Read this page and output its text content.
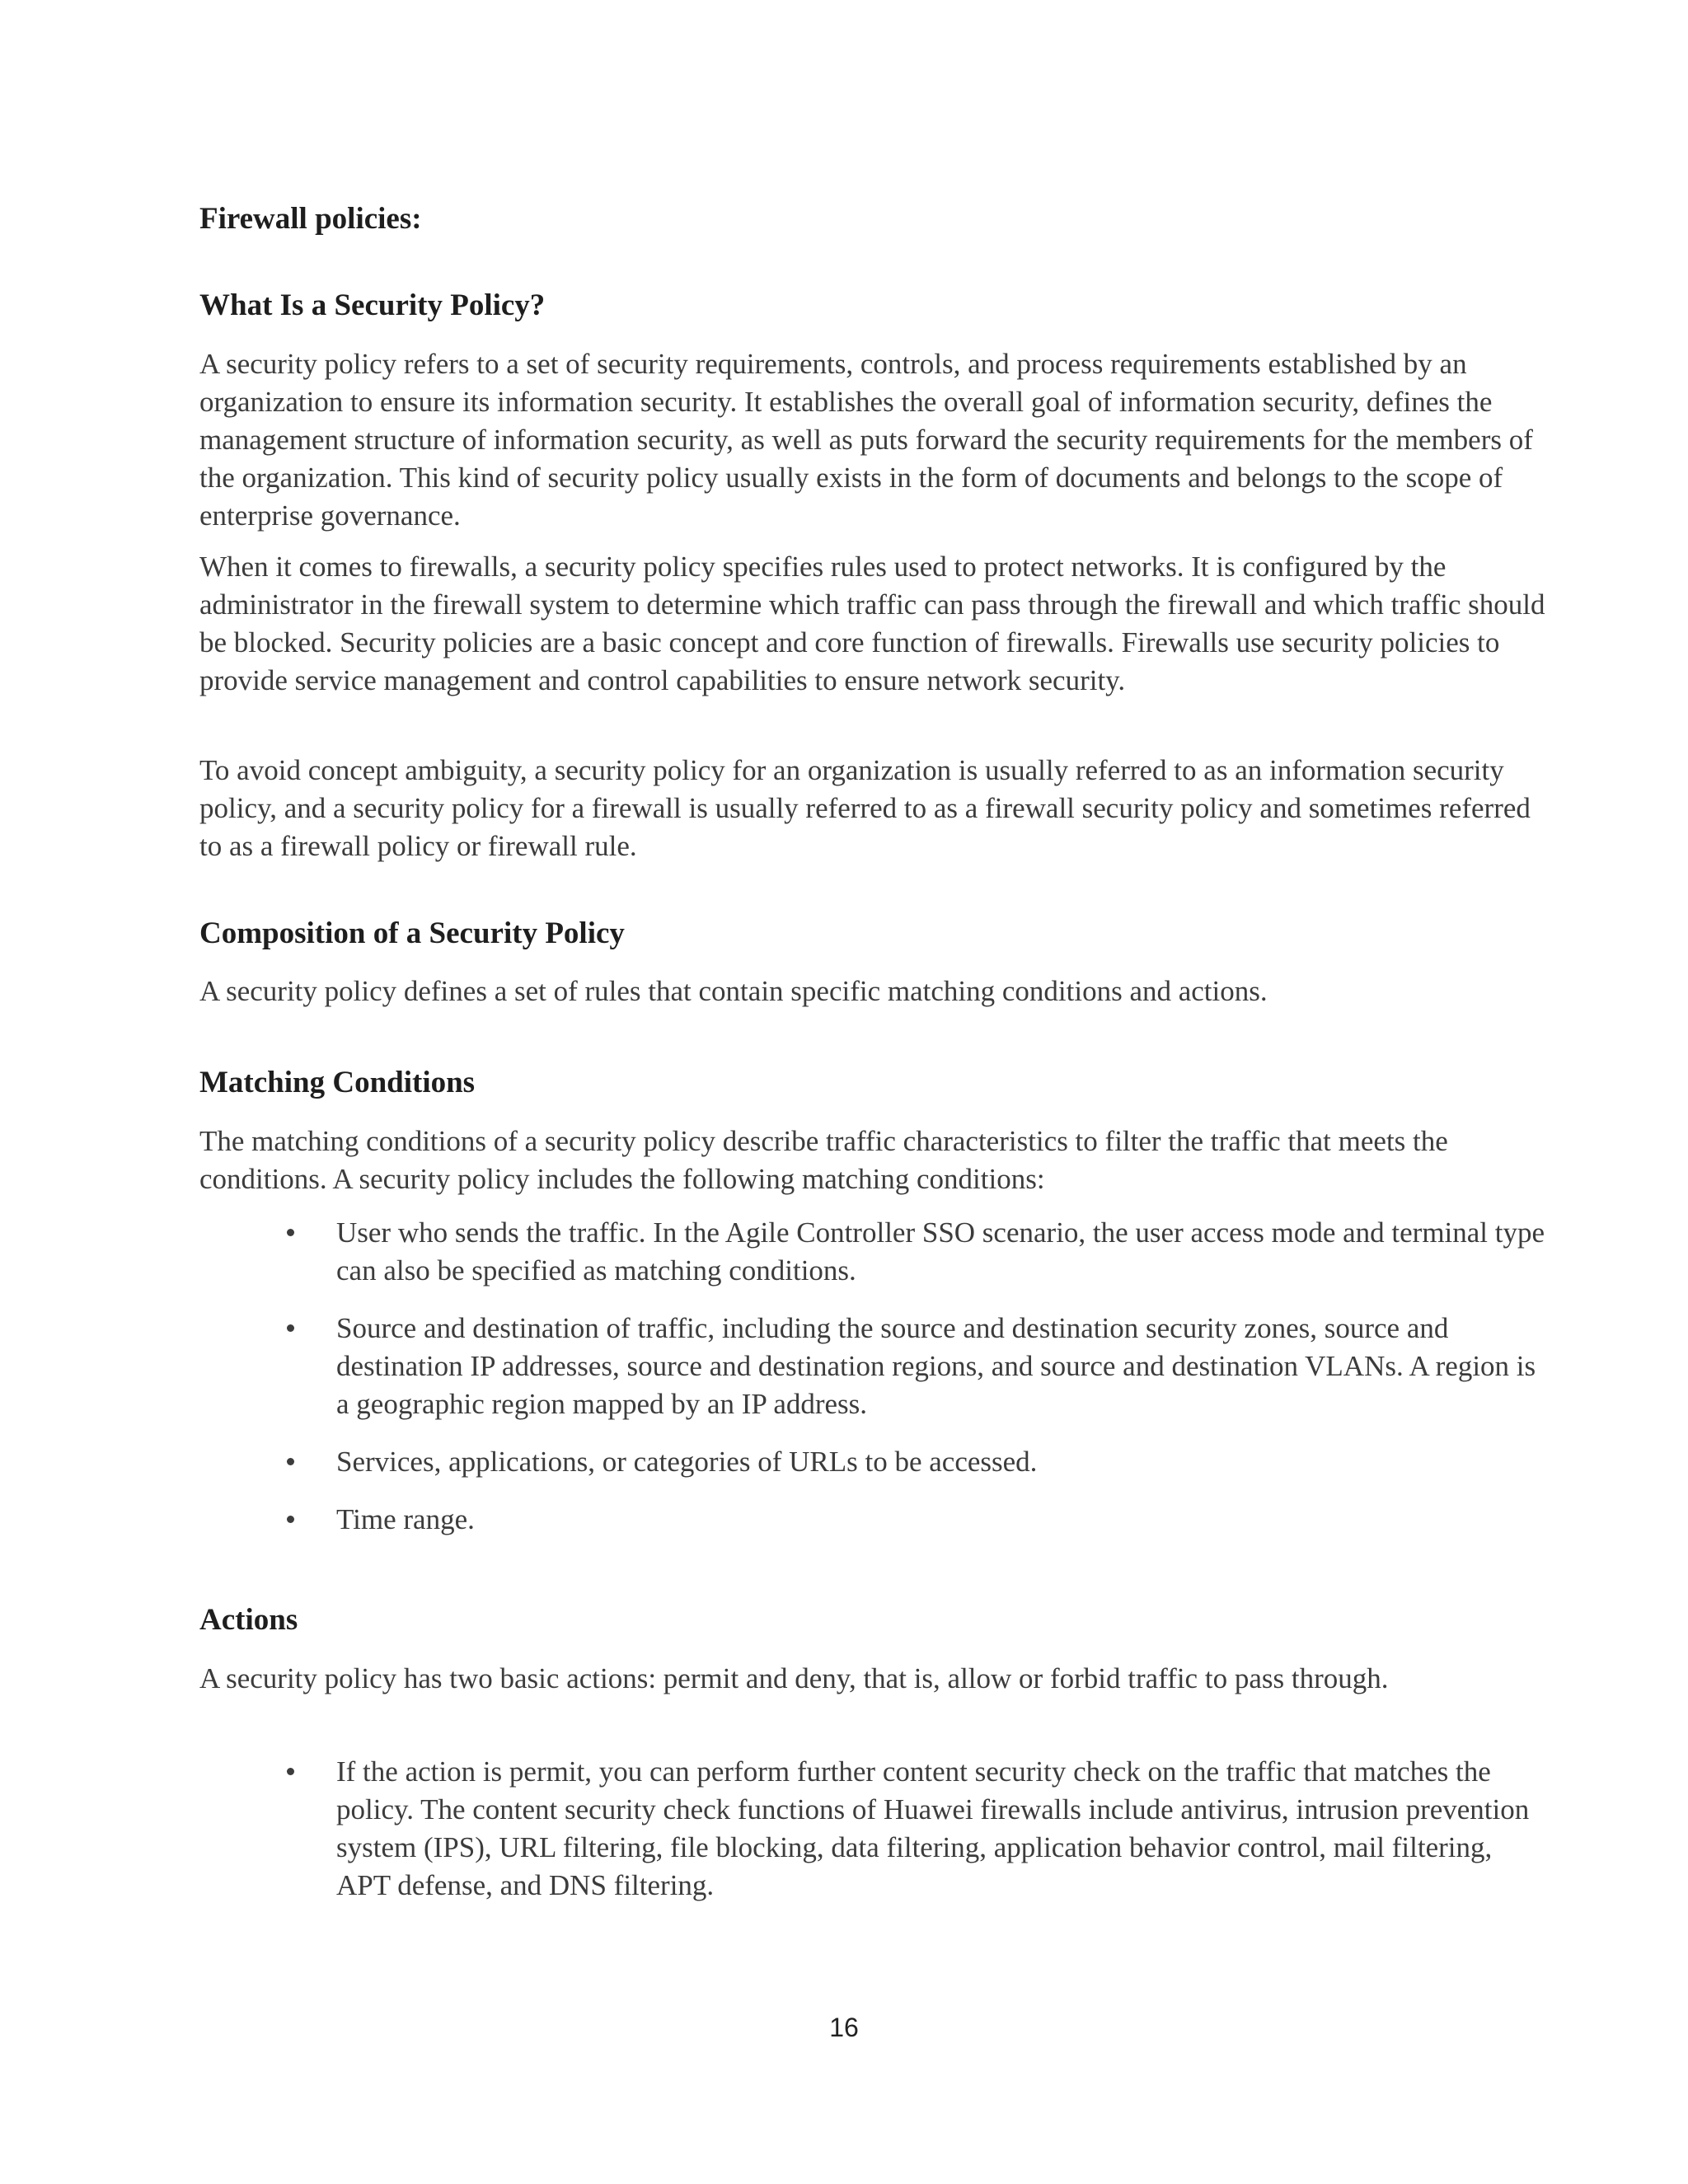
Firewall policies:
What Is a Security Policy?

A security policy refers to a set of security requirements, controls, and process requirements established by an organization to ensure its information security. It establishes the overall goal of information security, defines the management structure of information security, as well as puts forward the security requirements for the members of the organization. This kind of security policy usually exists in the form of documents and belongs to the scope of enterprise governance.

When it comes to firewalls, a security policy specifies rules used to protect networks. It is configured by the administrator in the firewall system to determine which traffic can pass through the firewall and which traffic should be blocked. Security policies are a basic concept and core function of firewalls. Firewalls use security policies to provide service management and control capabilities to ensure network security.

To avoid concept ambiguity, a security policy for an organization is usually referred to as an information security policy, and a security policy for a firewall is usually referred to as a firewall security policy and sometimes referred to as a firewall policy or firewall rule.

Composition of a Security Policy

A security policy defines a set of rules that contain specific matching conditions and actions.

Matching Conditions

The matching conditions of a security policy describe traffic characteristics to filter the traffic that meets the conditions. A security policy includes the following matching conditions:

User who sends the traffic. In the Agile Controller SSO scenario, the user access mode and terminal type can also be specified as matching conditions.
Source and destination of traffic, including the source and destination security zones, source and destination IP addresses, source and destination regions, and source and destination VLANs. A region is a geographic region mapped by an IP address.
Services, applications, or categories of URLs to be accessed.
Time range.
Actions

A security policy has two basic actions: permit and deny, that is, allow or forbid traffic to pass through.

If the action is permit, you can perform further content security check on the traffic that matches the policy. The content security check functions of Huawei firewalls include antivirus, intrusion prevention system (IPS), URL filtering, file blocking, data filtering, application behavior control, mail filtering, APT defense, and DNS filtering.
16
